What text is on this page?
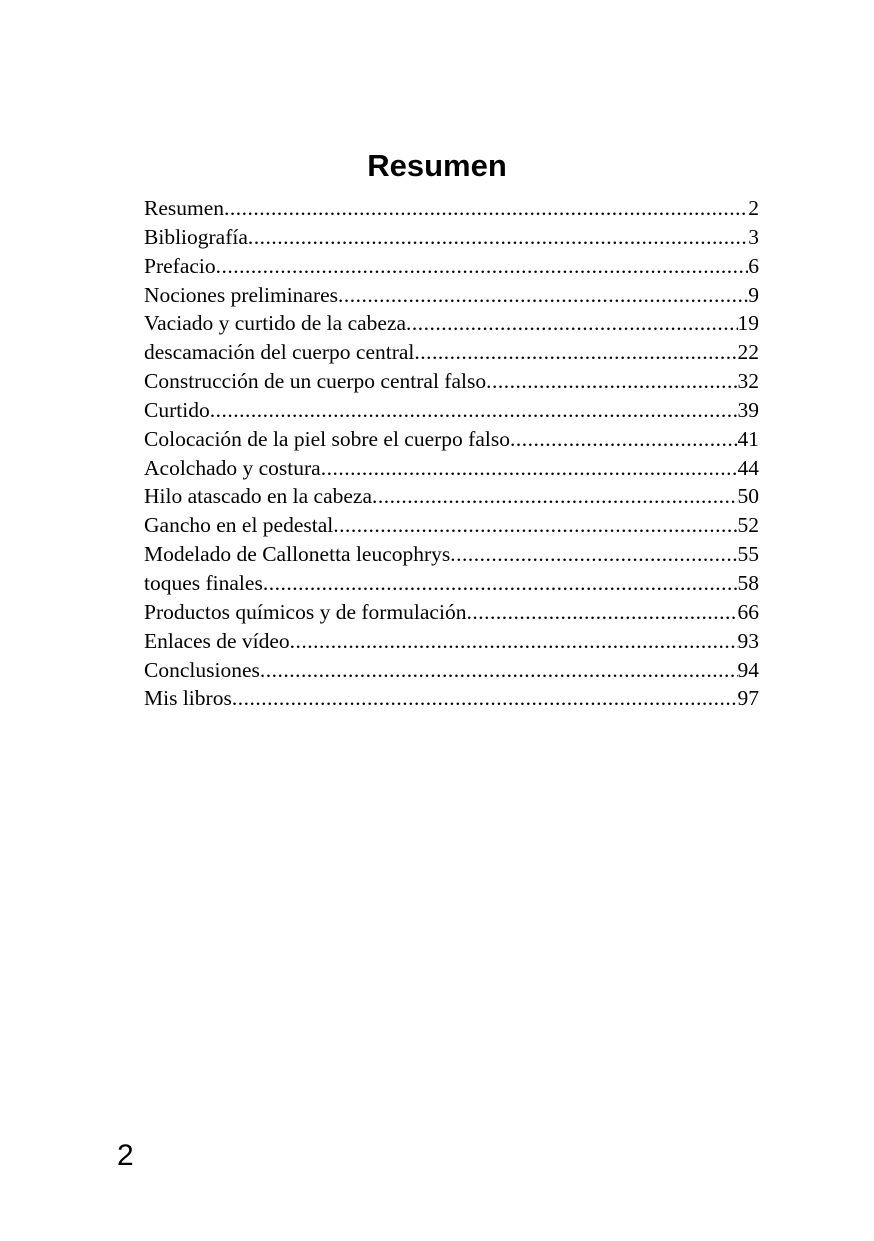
Resumen
Resumen .....	2
Bibliografía .....	3
Prefacio .....	6
Nociones preliminares .....	9
Vaciado y curtido de la cabeza .....	19
descamación del cuerpo central .....	22
Construcción de un cuerpo central falso .....	32
Curtido .....	39
Colocación de la piel sobre el cuerpo falso .....	41
Acolchado y costura .....	44
Hilo atascado en la cabeza .....	50
Gancho en el pedestal .....	52
Modelado de Callonetta leucophrys .....	55
toques finales .....	58
Productos químicos y de formulación .....	66
Enlaces de vídeo .....	93
Conclusiones .....	94
Mis libros .....	97
2
